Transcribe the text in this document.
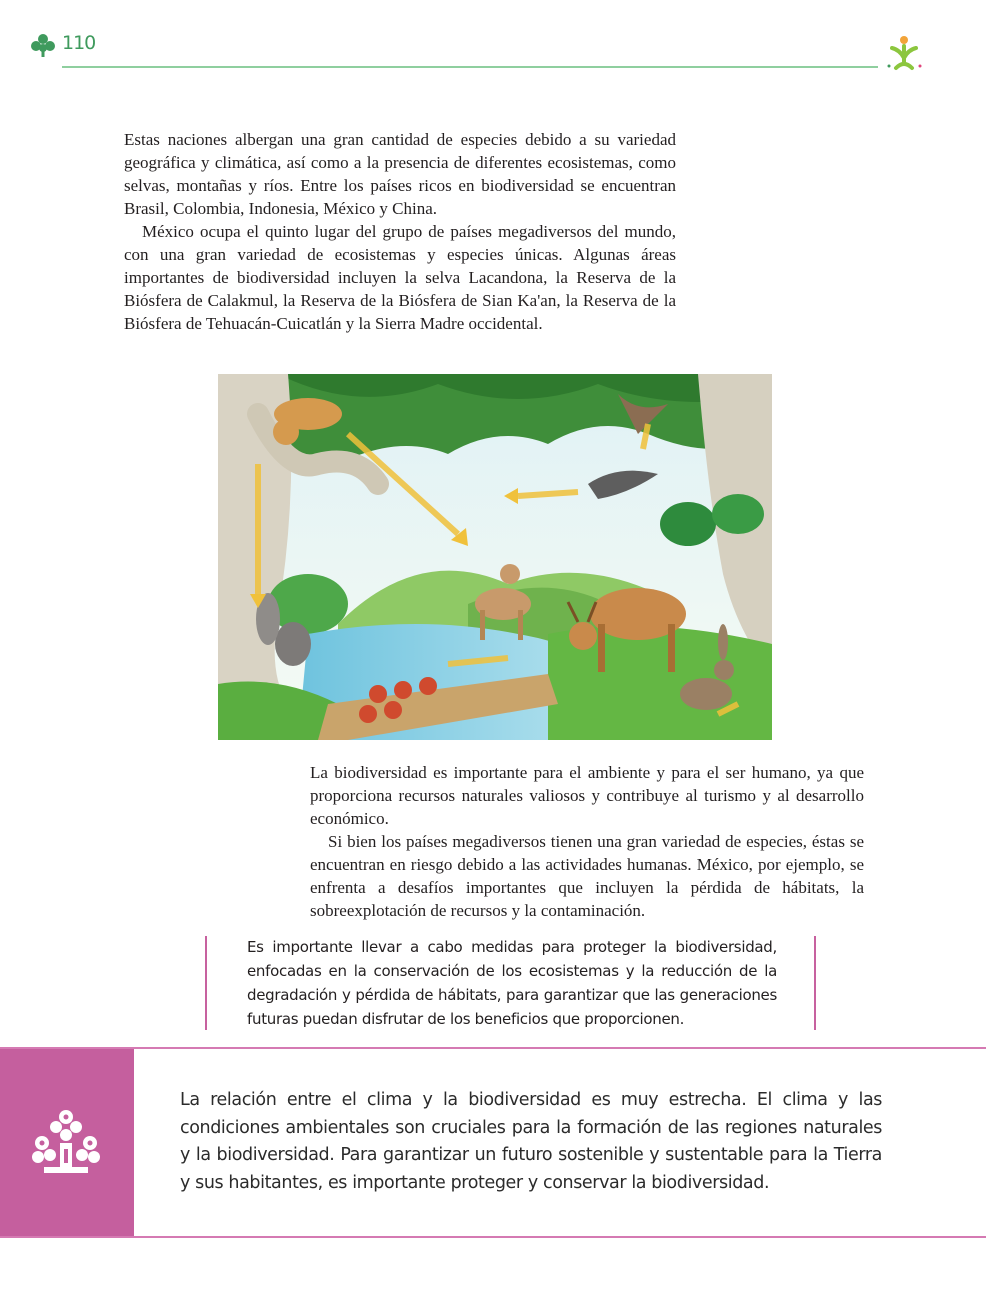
110

Estas naciones albergan una gran cantidad de especies debido a su variedad geográfica y climática, así como a la presencia de diferentes ecosistemas, como selvas, montañas y ríos. Entre los países ricos en biodiversidad se encuentran Brasil, Colombia, Indonesia, México y China.

México ocupa el quinto lugar del grupo de países megadiversos del mundo, con una gran variedad de ecosistemas y especies únicas. Algunas áreas importantes de biodiversidad incluyen la selva Lacandona, la Reserva de la Biósfera de Calakmul, la Reserva de la Biósfera de Sian Ka'an, la Reserva de la Biósfera de Tehuacán-Cuicatlán y la Sierra Madre occidental.

La biodiversidad es importante para el ambiente y para el ser humano, ya que proporciona recursos naturales valiosos y contribuye al turismo y al desarrollo económico.

Si bien los países megadiversos tienen una gran variedad de especies, éstas se encuentran en riesgo debido a las actividades humanas. México, por ejemplo, se enfrenta a desafíos importantes que incluyen la pérdida de hábitats, la sobreexplotación de recursos y la contaminación.

Es importante llevar a cabo medidas para proteger la biodiversidad, enfocadas en la conservación de los ecosistemas y la reducción de la degradación y pérdida de hábitats, para garantizar que las generaciones futuras puedan disfrutar de los beneficios que proporcionen.

La relación entre el clima y la biodiversidad es muy estrecha. El clima y las condiciones ambientales son cruciales para la formación de las regiones naturales y la biodiversidad. Para garantizar un futuro sostenible y sustentable para la Tierra y sus habitantes, es importante proteger y conservar la biodiversidad.
